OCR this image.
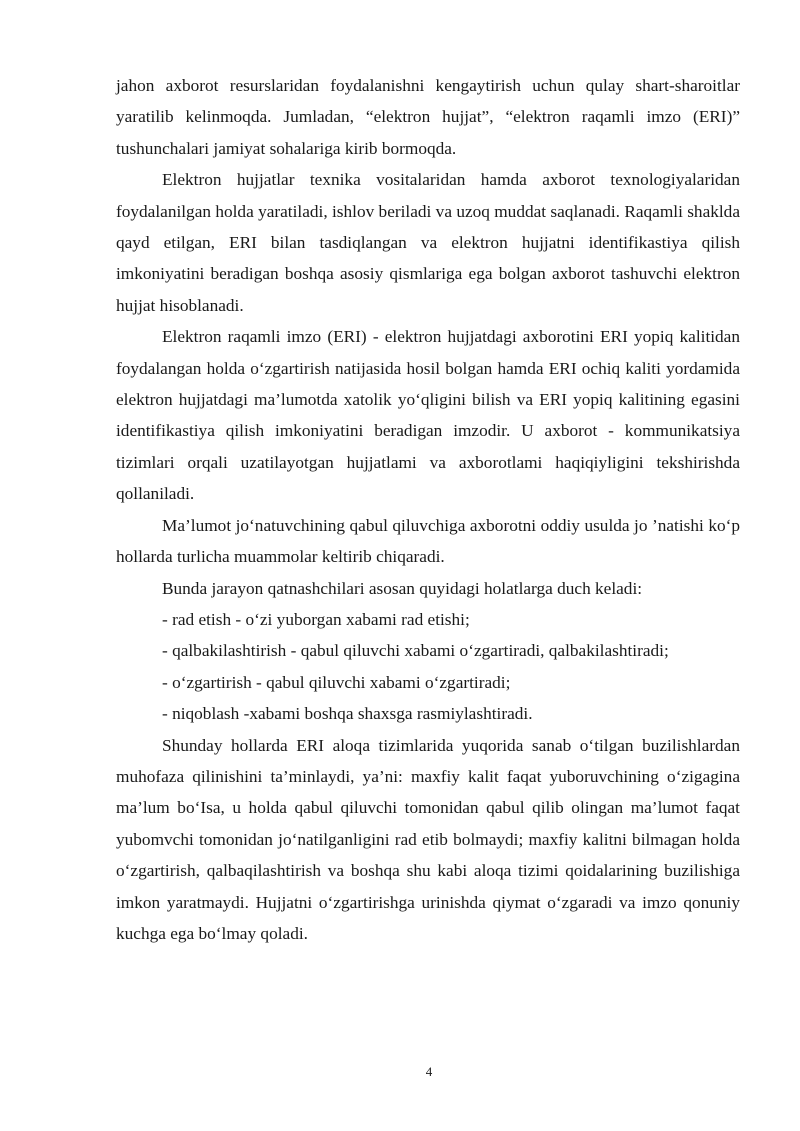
jahon axborot resurslaridan foydalanishni kengaytirish uchun qulay shart-sharoitlar yaratilib kelinmoqda. Jumladan, “elektron hujjat”, “elektron raqamli imzo (ERI)” tushunchalari jamiyat sohalariga kirib bormoqda.

Elektron hujjatlar texnika vositalaridan hamda axborot texnologiyalaridan foydalanilgan holda yaratiladi, ishlov beriladi va uzoq muddat saqlanadi. Raqamli shaklda qayd etilgan, ERI bilan tasdiqlangan va elektron hujjatni identifikastiya qilish imkoniyatini beradigan boshqa asosiy qismlariga ega bolgan axborot tashuvchi elektron hujjat hisoblanadi.

Elektron raqamli imzo (ERI) - elektron hujjatdagi axborotini ERI yopiq kalitidan foydalangan holda o‘zgartirish natijasida hosil bolgan hamda ERI ochiq kaliti yordamida elektron hujjatdagi ma’lumotda xatolik yo‘qligini bilish va ERI yopiq kalitining egasini identifikastiya qilish imkoniyatini beradigan imzodir. U axborot - kommunikatsiya tizimlari orqali uzatilayotgan hujjatlami va axborotlami haqiqiyligini tekshirishda qollaniladi.

Ma’lumot jo‘natuvchining qabul qiluvchiga axborotni oddiy usulda jo ’natishi ko‘p hollarda turlicha muammolar keltirib chiqaradi.

Bunda jarayon qatnashchilari asosan quyidagi holatlarga duch keladi:

- rad etish - o‘zi yuborgan xabami rad etishi;

- qalbakilashtirish - qabul qiluvchi xabami o‘zgartiradi, qalbakilashtiradi;

- o‘zgartirish - qabul qiluvchi xabami o‘zgartiradi;

- niqoblash -xabami boshqa shaxsga rasmiylashtiradi.

Shunday hollarda ERI aloqa tizimlarida yuqorida sanab o‘tilgan buzilishlardan muhofaza qilinishini ta’minlaydi, ya’ni: maxfiy kalit faqat yuboruvchining o‘zigagina ma’lum bo‘Isa, u holda qabul qiluvchi tomonidan qabul qilib olingan ma’lumot faqat yubomvchi tomonidan jo‘natilganligini rad etib bolmaydi; maxfiy kalitni bilmagan holda o‘zgartirish, qalbaqilashtirish va boshqa shu kabi aloqa tizimi qoidalarining buzilishiga imkon yaratmaydi. Hujjatni o‘zgartirishga urinishda qiymat o‘zgaradi va imzo qonuniy kuchga ega bo‘lmay qoladi.

4
